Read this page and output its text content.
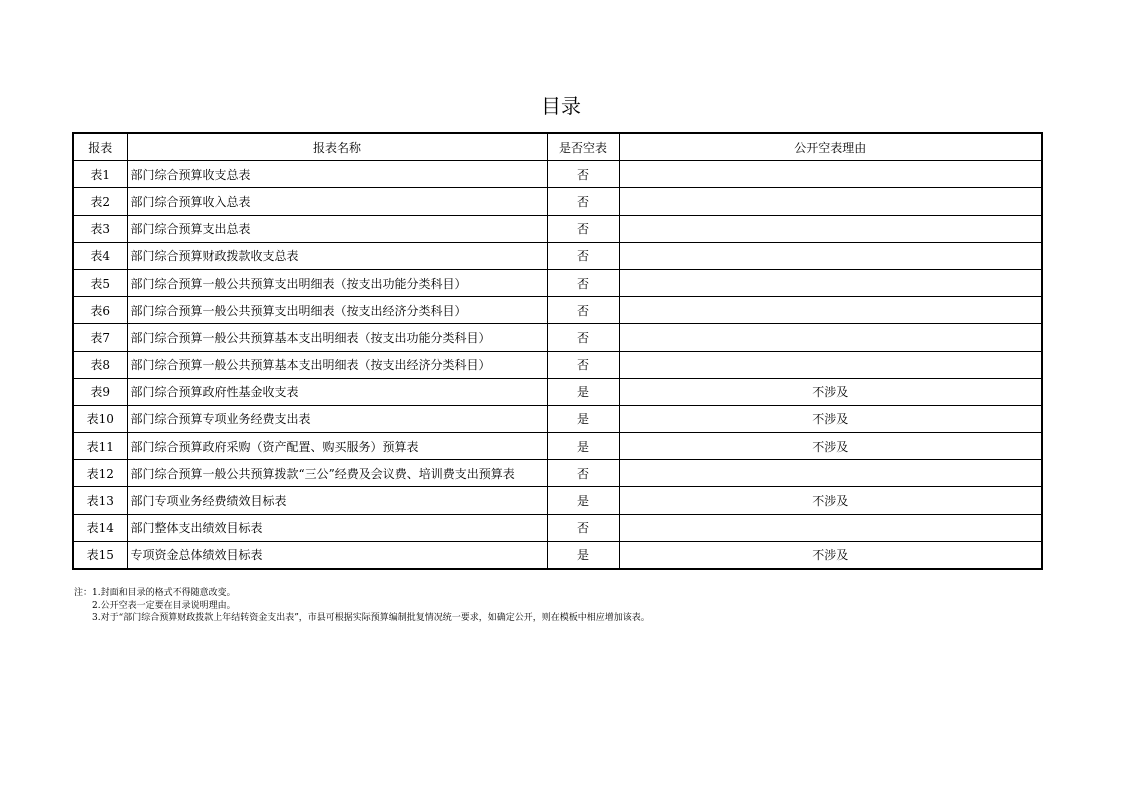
目录
报表	报表名称	是否空表	公开空表理由
表1	部门综合预算收支总表	否	
表2	部门综合预算收入总表	否	
表3	部门综合预算支出总表	否	
表4	部门综合预算财政拨款收支总表	否	
表5	部门综合预算一般公共预算支出明细表（按支出功能分类科目）	否	
表6	部门综合预算一般公共预算支出明细表（按支出经济分类科目）	否	
表7	部门综合预算一般公共预算基本支出明细表（按支出功能分类科目）	否	
表8	部门综合预算一般公共预算基本支出明细表（按支出经济分类科目）	否	
表9	部门综合预算政府性基金收支表	是	不涉及
表10	部门综合预算专项业务经费支出表	是	不涉及
表11	部门综合预算政府采购（资产配置、购买服务）预算表	是	不涉及
表12	部门综合预算一般公共预算拨款“三公”经费及会议费、培训费支出预算表	否	
表13	部门专项业务经费绩效目标表	是	不涉及
表14	部门整体支出绩效目标表	否	
表15	专项资金总体绩效目标表	是	不涉及
注：1.封面和目录的格式不得随意改变。
2.公开空表一定要在目录说明理由。
3.对于“部门综合预算财政拨款上年结转资金支出表”，市县可根据实际预算编制批复情况统一要求，如确定公开，则在模板中相应增加该表。
